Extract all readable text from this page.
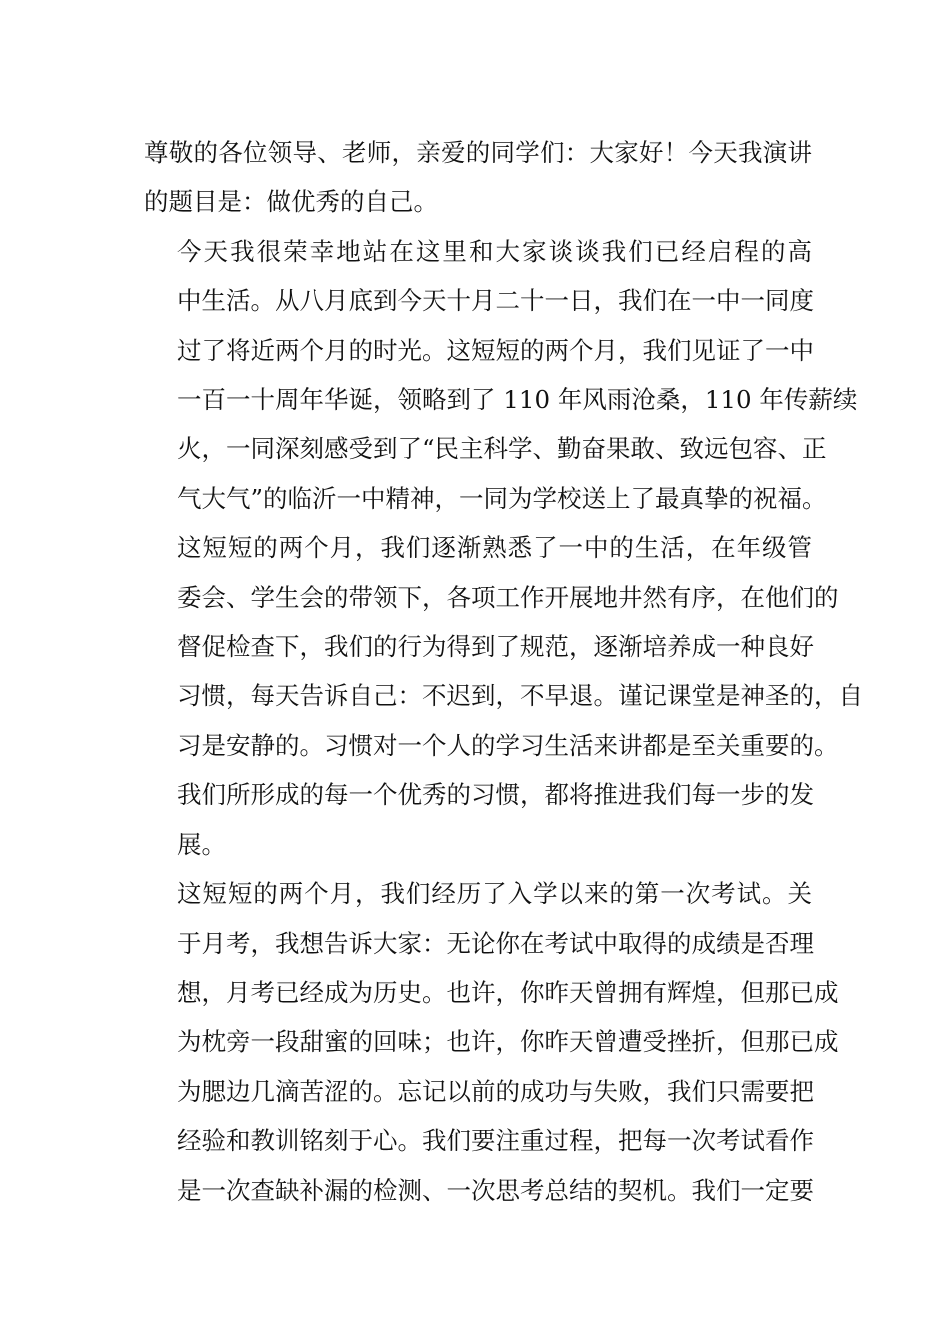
尊敬的各位领导、老师，亲爱的同学们：大家好！今天我演讲
的题目是：做优秀的自己。

今天我很荣幸地站在这里和大家谈谈我们已经启程的高
中生活。从八月底到今天十月二十一日，我们在一中一同度
过了将近两个月的时光。这短短的两个月，我们见证了一中
一百一十周年华诞，领略到了 110 年风雨沧桑，110 年传薪续
火，一同深刻感受到了“民主科学、勤奋果敢、致远包容、正
气大气”的临沂一中精神，一同为学校送上了最真挚的祝福。

这短短的两个月，我们逐渐熟悉了一中的生活，在年级管
委会、学生会的带领下，各项工作开展地井然有序，在他们的
督促检查下，我们的行为得到了规范，逐渐培养成一种良好
习惯，每天告诉自己：不迟到，不早退。谨记课堂是神圣的，自
习是安静的。习惯对一个人的学习生活来讲都是至关重要的。
我们所形成的每一个优秀的习惯，都将推进我们每一步的发
展。

这短短的两个月，我们经历了入学以来的第一次考试。关
于月考，我想告诉大家：无论你在考试中取得的成绩是否理
想，月考已经成为历史。也许，你昨天曾拥有辉煌，但那已成
为枕旁一段甜蜜的回味；也许，你昨天曾遭受挫折，但那已成
为腮边几滴苦涩的。忘记以前的成功与失败，我们只需要把
经验和教训铭刻于心。我们要注重过程，把每一次考试看作
是一次查缺补漏的检测、一次思考总结的契机。我们一定要
